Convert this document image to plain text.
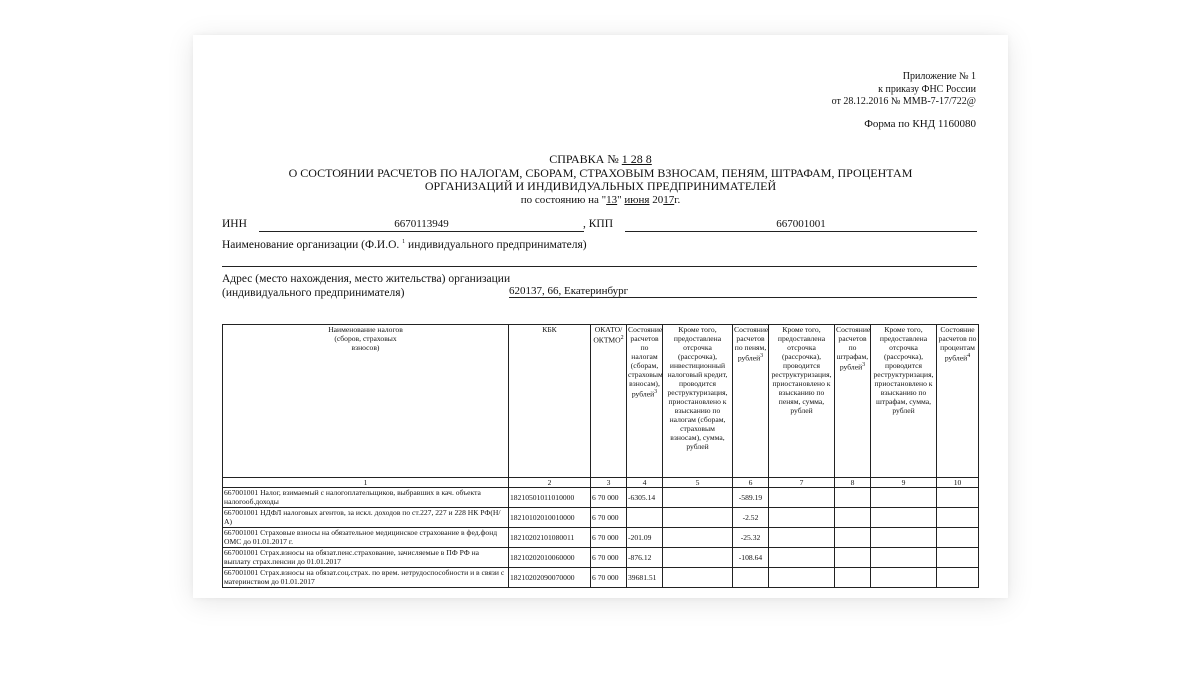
Приложение № 1
к приказу ФНС России
от 28.12.2016 № ММВ-7-17/722@
Форма по КНД 1160080
СПРАВКА № 1 28 8
О СОСТОЯНИИ РАСЧЕТОВ ПО НАЛОГАМ, СБОРАМ, СТРАХОВЫМ ВЗНОСАМ, ПЕНЯМ, ШТРАФАМ, ПРОЦЕНТАМ
ОРГАНИЗАЦИЙ И ИНДИВИДУАЛЬНЫХ ПРЕДПРИНИМАТЕЛЕЙ
по состоянию на "13" июня 2017г.
ИНН	6670113949	, КПП	667001001
Наименование организации (Ф.И.О. $^1$ индивидуального предпринимателя)
Адрес (место нахождения, место жительства) организации
(индивидуального предпринимателя)	620137, 66, Екатеринбург
Наименование налогов (сборов, страховых взносов)	КБК	ОКАТО/ ОКТМО$^2$	Состояние расчетов по налогам (сборам, страховым взносам), рублей$^3$	Кроме того, предоставлена отсрочка (рассрочка), инвестиционный налоговый кредит, проводится реструктуризация, приостановлено к взысканию по налогам (сборам, страховым взносам), сумма, рублей	Состояние расчетов по пеням, рублей$^3$	Кроме того, предоставлена отсрочка (рассрочка), проводится реструктуризация, приостановлено к взысканию по пеням, сумма, рублей	Состояние расчетов по штрафам, рублей$^3$	Кроме того, предоставлена отсрочка (рассрочка), проводится реструктуризация, приостановлено к взысканию по штрафам, сумма, рублей	Состояние расчетов по процентам рублей$^4$
1	2	3	4	5	6	7	8	9	10
667001001 Налог, взимаемый с налогоплательщиков, выбравших в кач. объекта налогооб.доходы	18210501011010000	6 70 000	-6305.14		-589.19				
667001001 НДФЛ налоговых агентов, за искл. доходов по ст.227, 227 и 228 НК РФ(Н/А)	18210102010010000	6 70 000			-2.52				
667001001 Страховые взносы на обязательное медицинское страхование в фед.фонд ОМС до 01.01.2017 г.	18210202101080011	6 70 000	-201.09		-25.32				
667001001 Страх.взносы на обязат.пенс.страхование, зачисляемые в ПФ РФ на выплату страх.пенсии до 01.01.2017	18210202010060000	6 70 000	-876.12		-108.64				
667001001 Страх.взносы на обязат.соц.страх. по врем. нетрудоспособности и в связи с материнством до 01.01.2017	18210202090070000	6 70 000	39681.51						
